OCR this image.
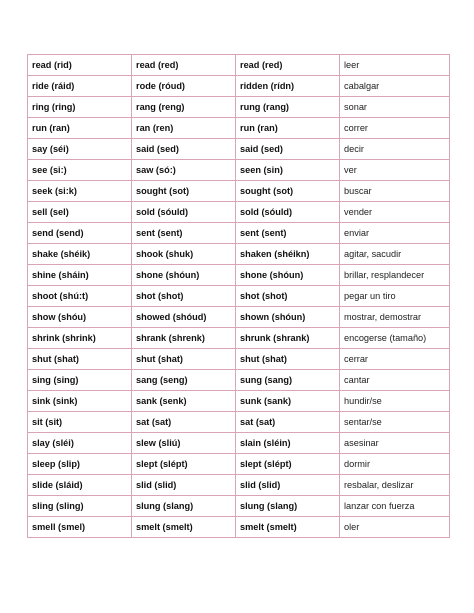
read (rid)	read (red)	read (red)	leer
ride (ráid)	rode (róud)	ridden (rídn)	cabalgar
ring (ring)	rang (reng)	rung (rang)	sonar
run (ran)	ran (ren)	run (ran)	correr
say (séi)	said (sed)	said (sed)	decir
see (si:)	saw (só:)	seen (sin)	ver
seek (si:k)	sought (sot)	sought (sot)	buscar
sell (sel)	sold (sóuld)	sold (sóuld)	vender
send (send)	sent (sent)	sent (sent)	enviar
shake (shéik)	shook (shuk)	shaken (shéikn)	agitar, sacudir
shine (sháin)	shone (shóun)	shone (shóun)	brillar, resplandecer
shoot (shú:t)	shot (shot)	shot (shot)	pegar un tiro
show (shóu)	showed (shóud)	shown (shóun)	mostrar, demostrar
shrink (shrink)	shrank (shrenk)	shrunk (shrank)	encogerse (tamaño)
shut (shat)	shut (shat)	shut (shat)	cerrar
sing (sing)	sang (seng)	sung (sang)	cantar
sink (sink)	sank (senk)	sunk (sank)	hundir/se
sit (sit)	sat (sat)	sat (sat)	sentar/se
slay (sléi)	slew (sliú)	slain (sléin)	asesinar
sleep (slip)	slept (slépt)	slept (slépt)	dormir
slide (sláid)	slid (slid)	slid (slid)	resbalar, deslizar
sling (sling)	slung (slang)	slung (slang)	lanzar con fuerza
smell (smel)	smelt (smelt)	smelt (smelt)	oler
